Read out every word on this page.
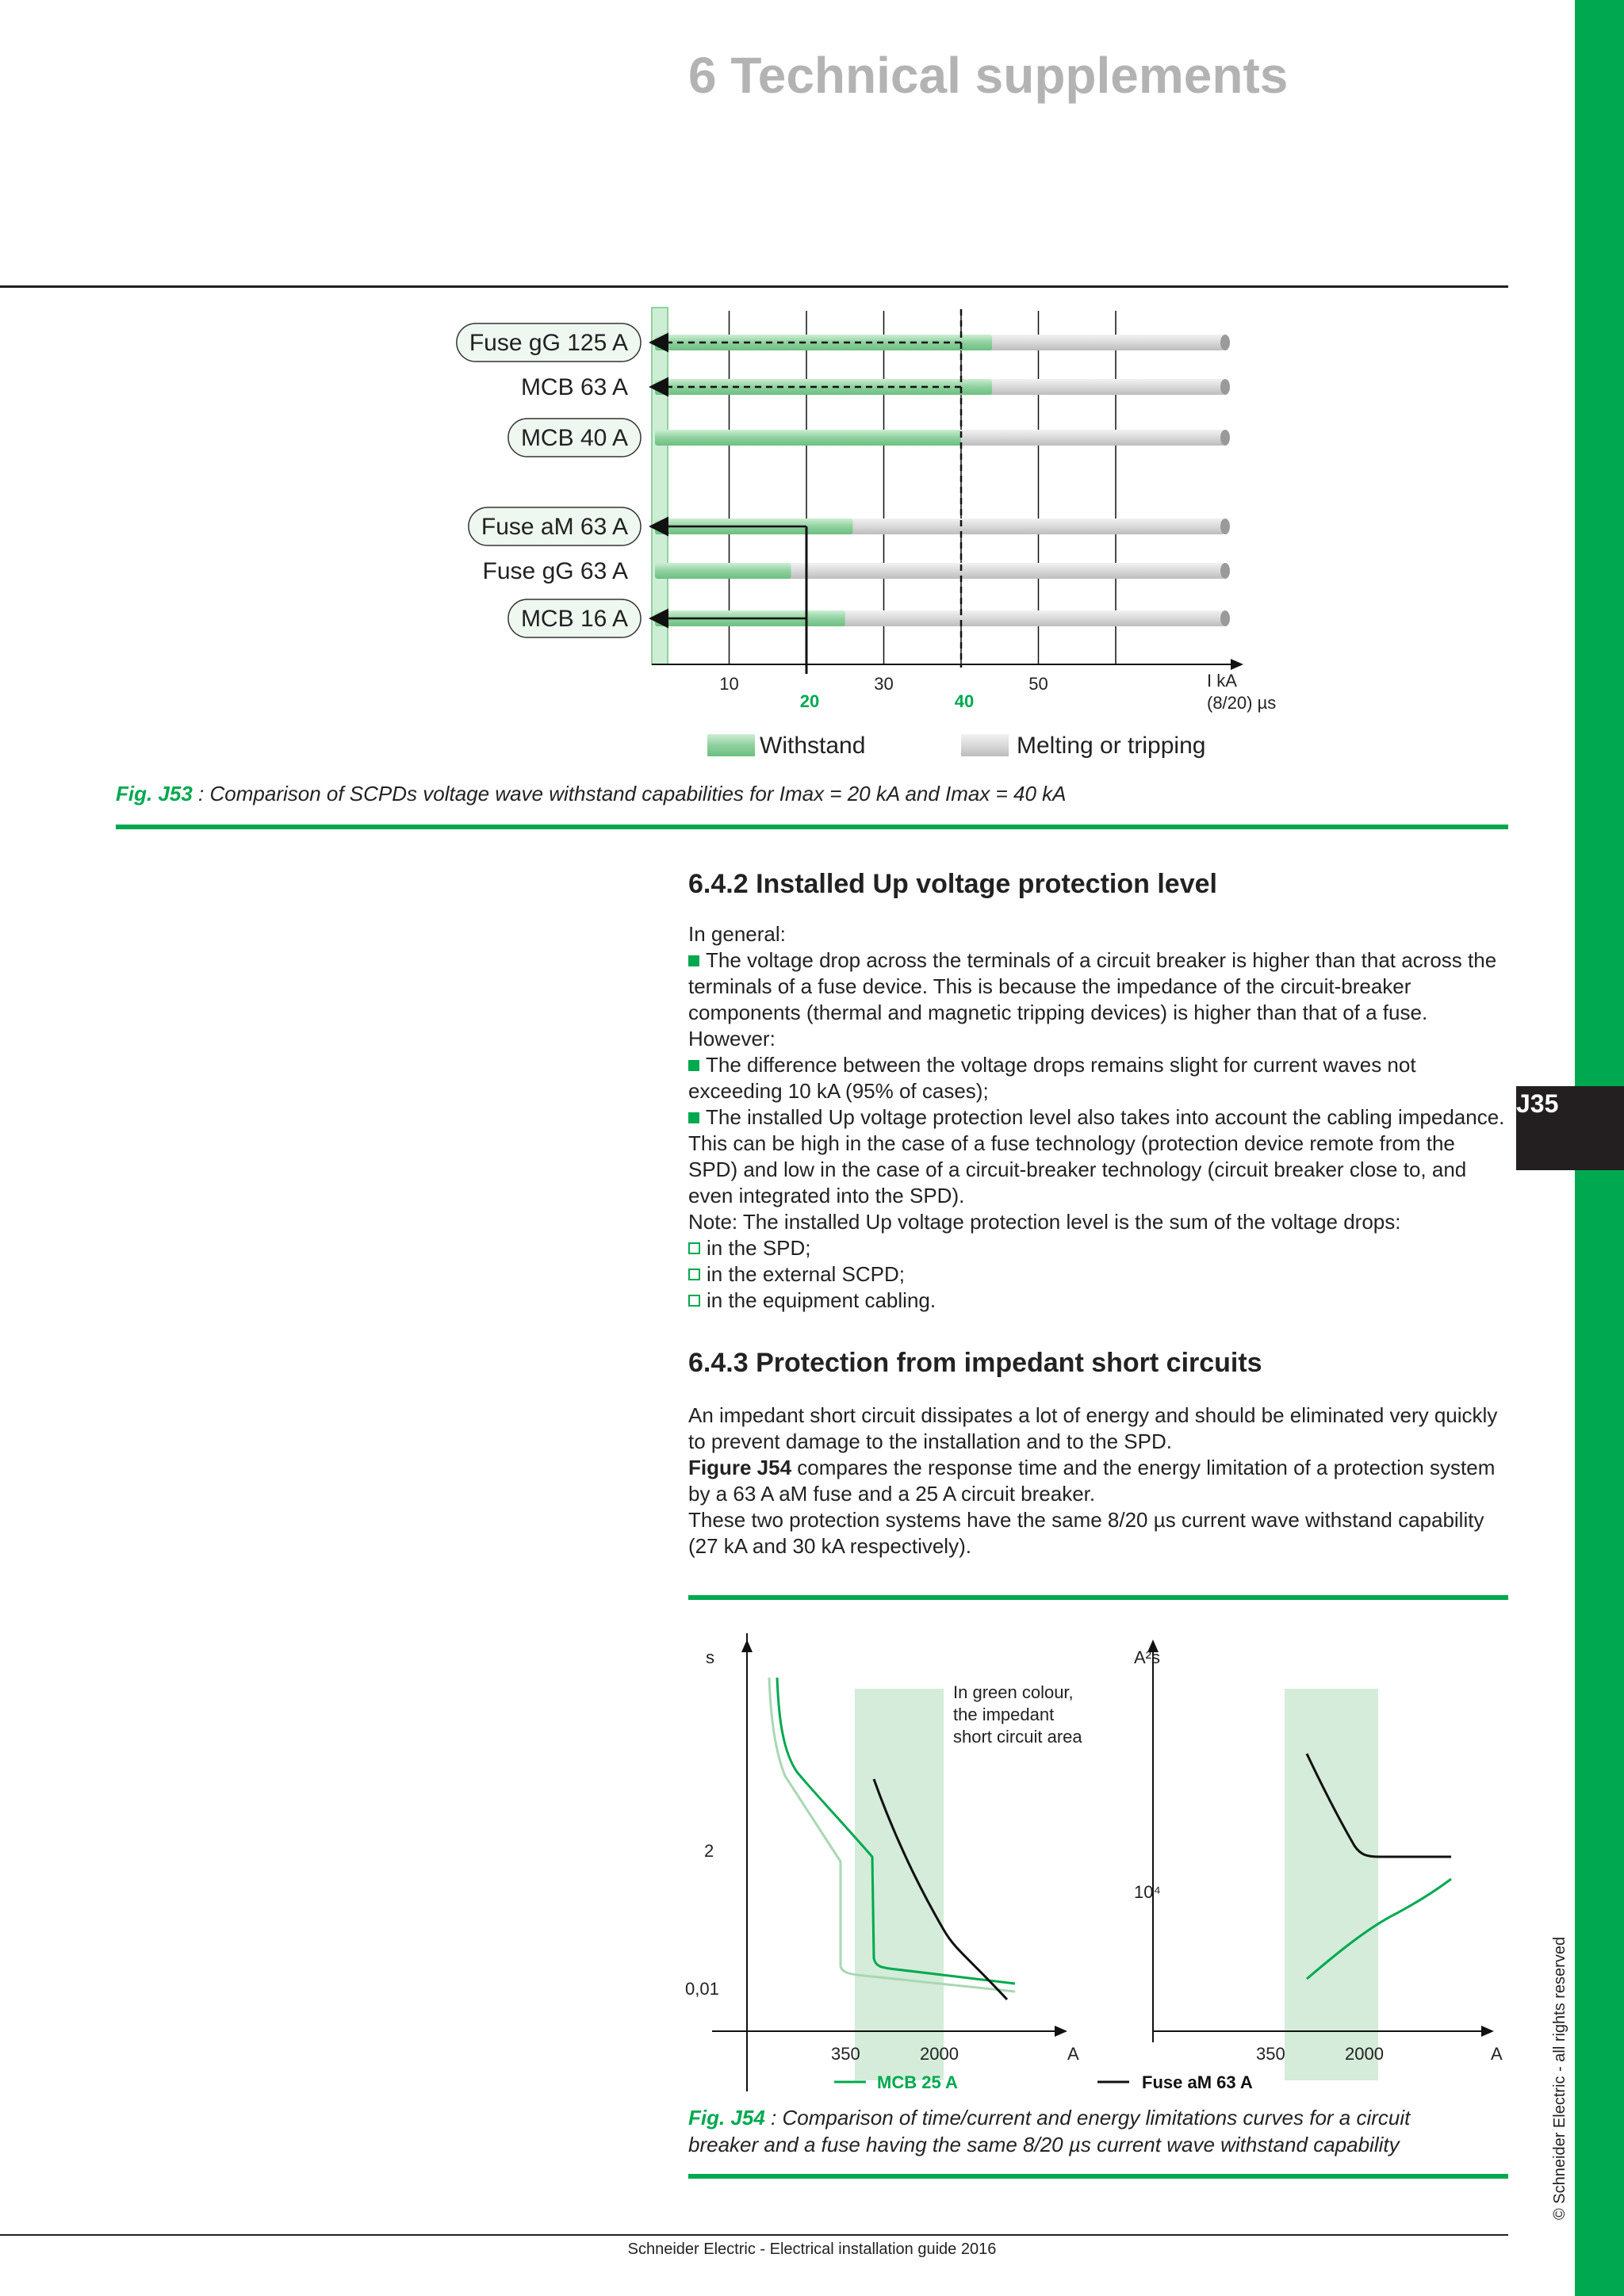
J35
© Schneider Electric - all rights reserved
6 Technical supplements
Fuse gG 125 A
MCB 63 A
MCB 40 A
Fuse aM 63 A
Fuse gG 63 A
MCB 16 A
10	30	50
20	40
I kA
(8/20) µs
Withstand	Melting or tripping
Fig. J53 : Comparison of SCPDs voltage wave withstand capabilities for Imax = 20 kA and Imax = 40 kA
6.4.2 Installed Up voltage protection level

In general:

The voltage drop across the terminals of a circuit breaker is higher than that across the terminals of a fuse device. This is because the impedance of the circuit-breaker components (thermal and magnetic tripping devices) is higher than that of a fuse.

However:

The difference between the voltage drops remains slight for current waves not exceeding 10 kA (95% of cases);

The installed Up voltage protection level also takes into account the cabling impedance. This can be high in the case of a fuse technology (protection device remote from the SPD) and low in the case of a circuit-breaker technology (circuit breaker close to, and even integrated into the SPD).

Note: The installed Up voltage protection level is the sum of the voltage drops:

in the SPD;

in the external SCPD;

in the equipment cabling.

6.4.3 Protection from impedant short circuits

An impedant short circuit dissipates a lot of energy and should be eliminated very quickly to prevent damage to the installation and to the SPD.

Figure J54 compares the response time and the energy limitation of a protection system by a 63 A aM fuse and a 25 A circuit breaker.

These two protection systems have the same 8/20 µs current wave withstand capability (27 kA and 30 kA respectively).

s
2
0,01
350	2000	A
In green colour,
the impedant
short circuit area
A²s
10⁴
350	2000	A
MCB 25 A	Fuse aM 63 A
Fig. J54 : Comparison of time/current and energy limitations curves for a circuit
breaker and a fuse having the same 8/20 µs current wave withstand capability
Schneider Electric - Electrical installation guide 2016
